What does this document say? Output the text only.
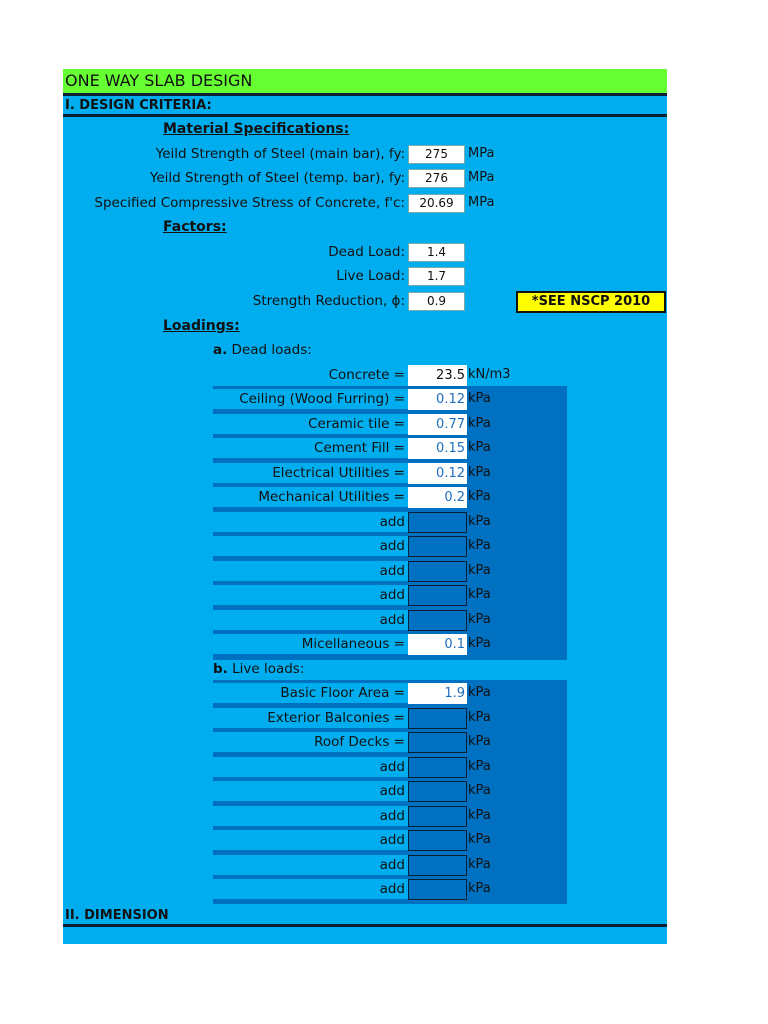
ONE WAY SLAB DESIGN
I. DESIGN CRITERIA:
Material Specifications:
Yeild Strength of Steel (main bar), fy:	275	MPa
Yeild Strength of Steel (temp. bar), fy:	276	MPa
Specified Compressive Stress of Concrete, f'c:	20.69	MPa
Factors:
Dead Load:	1.4
Live Load:	1.7
Strength Reduction, ϕ:	0.9	*SEE NSCP 2010
Loadings:
a. Dead loads:
Concrete =	23.5 kN/m3
Ceiling (Wood Furring) =	0.12 kPa
Ceramic tile =	0.77 kPa
Cement Fill =	0.15 kPa
Electrical Utilities =	0.12 kPa
Mechanical Utilities =	0.2 kPa
add	kPa
add	kPa
add	kPa
add	kPa
add	kPa
Micellaneous =	0.1 kPa
b. Live loads:
Basic Floor Area =	1.9 kPa
Exterior Balconies =	kPa
Roof Decks =	kPa
add	kPa
add	kPa
add	kPa
add	kPa
add	kPa
add	kPa
II. DIMENSION
